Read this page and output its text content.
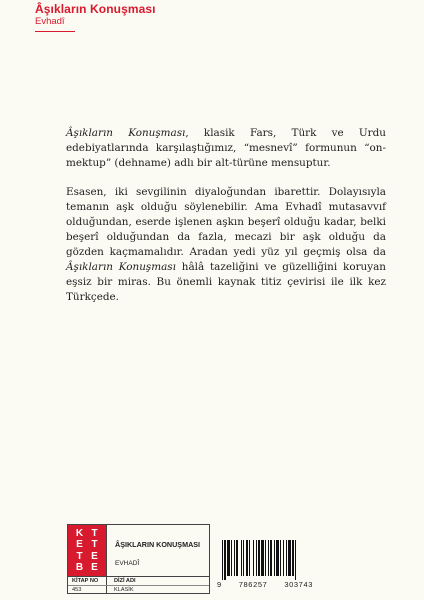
Âşıkların Konuşması
Evhadî

Âşıkların Konuşması, klasik Fars, Türk ve Urdu edebiyatlarında karşılaştığımız, “mesnevî” formunun “on-mektup” (dehname) adlı bir alt-türüne mensuptur.

Esasen, iki sevgilinin diyaloğundan ibarettir. Dolayısıyla temanın aşk olduğu söylenebilir. Ama Evhadî mutasavvıf olduğundan, eserde işlenen aşkın beşerî olduğu kadar, belki beşerî olduğundan da fazla, mecazi bir aşk olduğu da gözden kaçmamalıdır. Aradan yedi yüz yıl geçmiş olsa da Âşıkların Konuşması hâlâ tazeliğini ve güzelliğini koruyan eşsiz bir miras. Bu önemli kaynak titiz çevirisi ile ilk kez Türkçede.

K T
E T
T E
B E
ÂŞIKLARIN KONUŞMASI
EVHADÎ
KİTAP NO	DİZİ ADI
453	KLASİK
9 786257 303743
